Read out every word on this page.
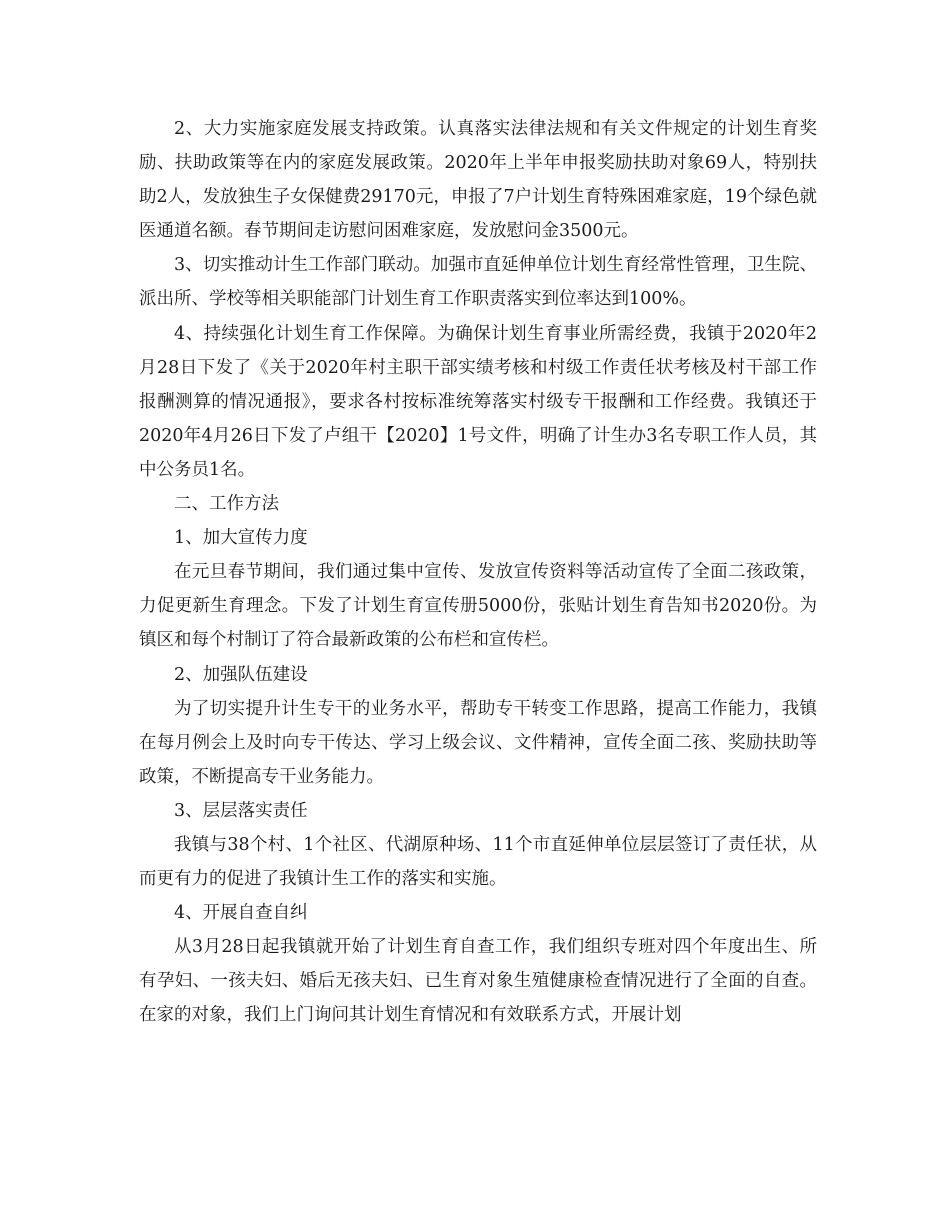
2、大力实施家庭发展支持政策。认真落实法律法规和有关文件规定的计划生育奖励、扶助政策等在内的家庭发展政策。2020年上半年申报奖励扶助对象69人，特别扶助2人，发放独生子女保健费29170元，申报了7户计划生育特殊困难家庭，19个绿色就医通道名额。春节期间走访慰问困难家庭，发放慰问金3500元。

3、切实推动计生工作部门联动。加强市直延伸单位计划生育经常性管理，卫生院、派出所、学校等相关职能部门计划生育工作职责落实到位率达到100%。

4、持续强化计划生育工作保障。为确保计划生育事业所需经费，我镇于2020年2月28日下发了《关于2020年村主职干部实绩考核和村级工作责任状考核及村干部工作报酬测算的情况通报》，要求各村按标准统筹落实村级专干报酬和工作经费。我镇还于2020年4月26日下发了卢组干【2020】1号文件，明确了计生办3名专职工作人员，其中公务员1名。

二、工作方法

1、加大宣传力度

在元旦春节期间，我们通过集中宣传、发放宣传资料等活动宣传了全面二孩政策，力促更新生育理念。下发了计划生育宣传册5000份，张贴计划生育告知书2020份。为镇区和每个村制订了符合最新政策的公布栏和宣传栏。

2、加强队伍建设

为了切实提升计生专干的业务水平，帮助专干转变工作思路，提高工作能力，我镇在每月例会上及时向专干传达、学习上级会议、文件精神，宣传全面二孩、奖励扶助等政策，不断提高专干业务能力。

3、层层落实责任

我镇与38个村、1个社区、代湖原种场、11个市直延伸单位层层签订了责任状，从而更有力的促进了我镇计生工作的落实和实施。

4、开展自查自纠

从3月28日起我镇就开始了计划生育自查工作，我们组织专班对四个年度出生、所有孕妇、一孩夫妇、婚后无孩夫妇、已生育对象生殖健康检查情况进行了全面的自查。在家的对象，我们上门询问其计划生育情况和有效联系方式，开展计划
